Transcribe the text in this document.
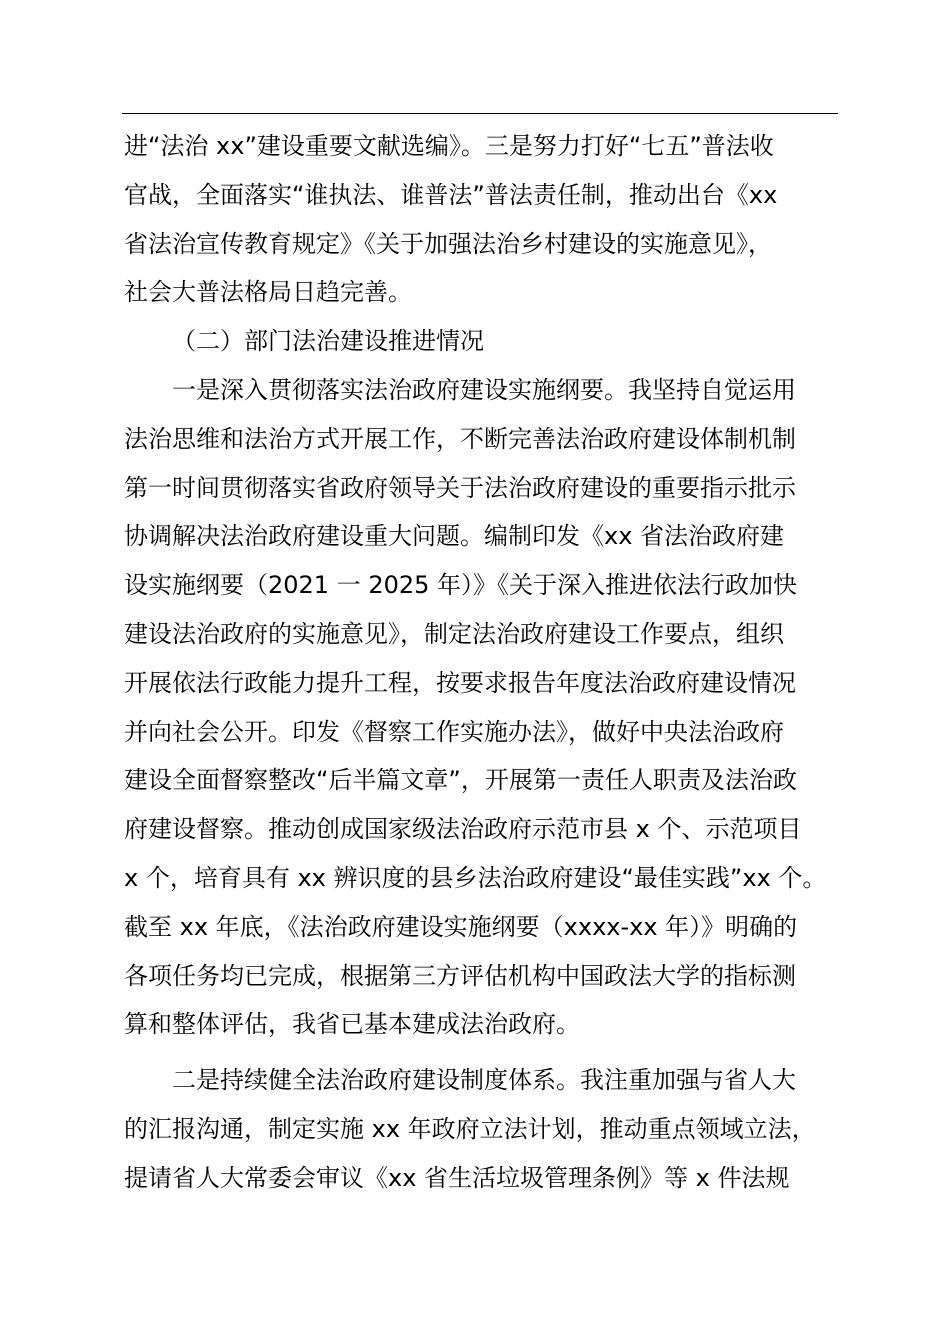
进“法治 xx”建设重要文献选编》。三是努力打好“七五”普法收
官战，全面落实“谁执法、谁普法”普法责任制，推动出台《xx
省法治宣传教育规定》《关于加强法治乡村建设的实施意见》，
社会大普法格局日趋完善。
（二）部门法治建设推进情况
一是深入贯彻落实法治政府建设实施纲要。我坚持自觉运用
法治思维和法治方式开展工作，不断完善法治政府建设体制机制
第一时间贯彻落实省政府领导关于法治政府建设的重要指示批示
协调解决法治政府建设重大问题。编制印发《xx 省法治政府建
设实施纲要（2021 一 2025 年）》《关于深入推进依法行政加快
建设法治政府的实施意见》，制定法治政府建设工作要点，组织
开展依法行政能力提升工程，按要求报告年度法治政府建设情况
并向社会公开。印发《督察工作实施办法》，做好中央法治政府
建设全面督察整改“后半篇文章”，开展第一责任人职责及法治政
府建设督察。推动创成国家级法治政府示范市县 x 个、示范项目
x 个，培育具有 xx 辨识度的县乡法治政府建设“最佳实践”xx 个。
截至 xx 年底，《法治政府建设实施纲要（xxxx-xx 年）》明确的
各项任务均已完成，根据第三方评估机构中国政法大学的指标测
算和整体评估，我省已基本建成法治政府。
二是持续健全法治政府建设制度体系。我注重加强与省人大
的汇报沟通，制定实施 xx 年政府立法计划，推动重点领域立法，
提请省人大常委会审议《xx 省生活垃圾管理条例》等 x 件法规
